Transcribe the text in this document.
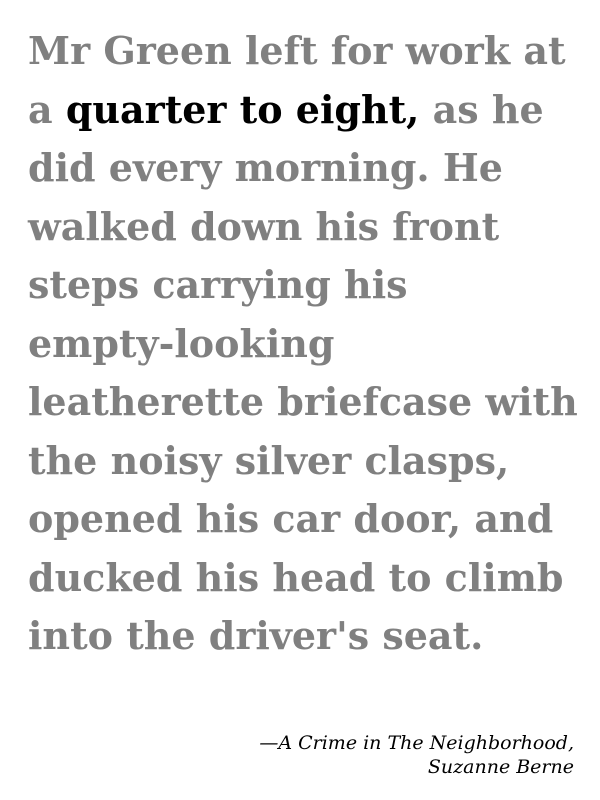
Mr Green left for work at
a quarter to eight, as he
did every morning. He
walked down his front
steps carrying his
empty-looking
leatherette briefcase with
the noisy silver clasps,
opened his car door, and
ducked his head to climb
into the driver's seat.
—A Crime in The Neighborhood,
Suzanne Berne
